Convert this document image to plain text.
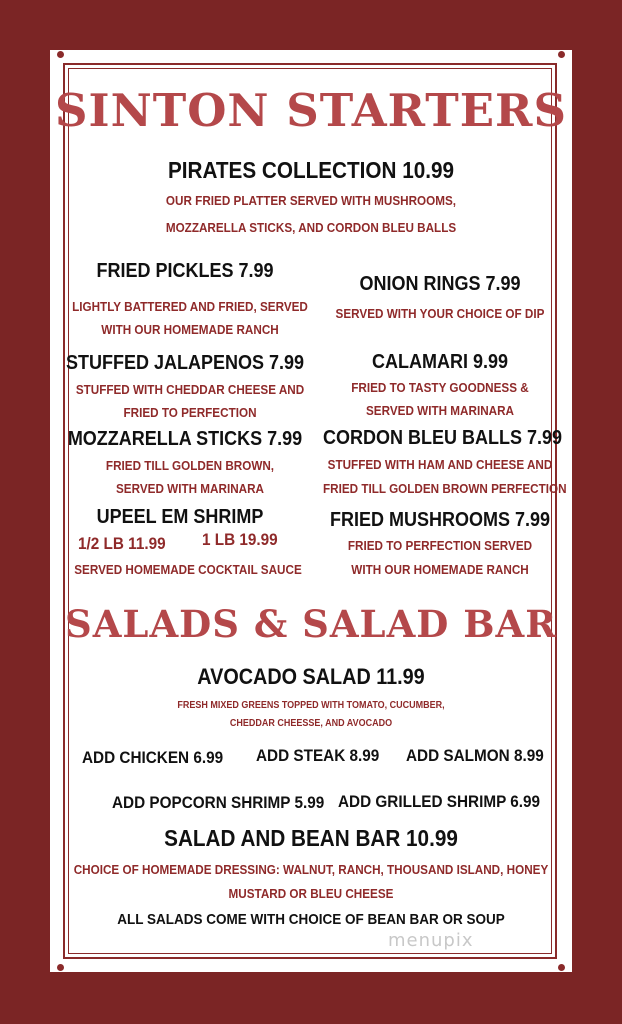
SINTON STARTERS
PIRATES COLLECTION 10.99
OUR FRIED PLATTER SERVED WITH MUSHROOMS,
MOZZARELLA STICKS, AND CORDON BLEU BALLS
FRIED PICKLES 7.99
LIGHTLY BATTERED AND FRIED, SERVED
WITH OUR HOMEMADE RANCH
ONION RINGS 7.99
SERVED WITH YOUR CHOICE OF DIP
STUFFED JALAPENOS 7.99
STUFFED WITH CHEDDAR CHEESE AND
FRIED TO PERFECTION
CALAMARI 9.99
FRIED TO TASTY GOODNESS &
SERVED WITH MARINARA
MOZZARELLA STICKS 7.99
FRIED TILL GOLDEN BROWN,
SERVED WITH MARINARA
CORDON BLEU BALLS 7.99
STUFFED WITH HAM AND CHEESE AND
FRIED TILL GOLDEN BROWN PERFECTION
UPEEL EM SHRIMP
1/2 LB 11.99 1 LB 19.99
SERVED HOMEMADE COCKTAIL SAUCE
FRIED MUSHROOMS 7.99
FRIED TO PERFECTION SERVED
WITH OUR HOMEMADE RANCH
SALADS & SALAD BAR
AVOCADO SALAD 11.99
FRESH MIXED GREENS TOPPED WITH TOMATO, CUCUMBER,
CHEDDAR CHEESSE, AND AVOCADO
ADD CHICKEN 6.99 ADD STEAK 8.99 ADD SALMON 8.99
ADD POPCORN SHRIMP 5.99 ADD GRILLED SHRIMP 6.99
SALAD AND BEAN BAR 10.99
CHOICE OF HOMEMADE DRESSING: WALNUT, RANCH, THOUSAND ISLAND, HONEY
MUSTARD OR BLEU CHEESE
ALL SALADS COME WITH CHOICE OF BEAN BAR OR SOUP
menupix
